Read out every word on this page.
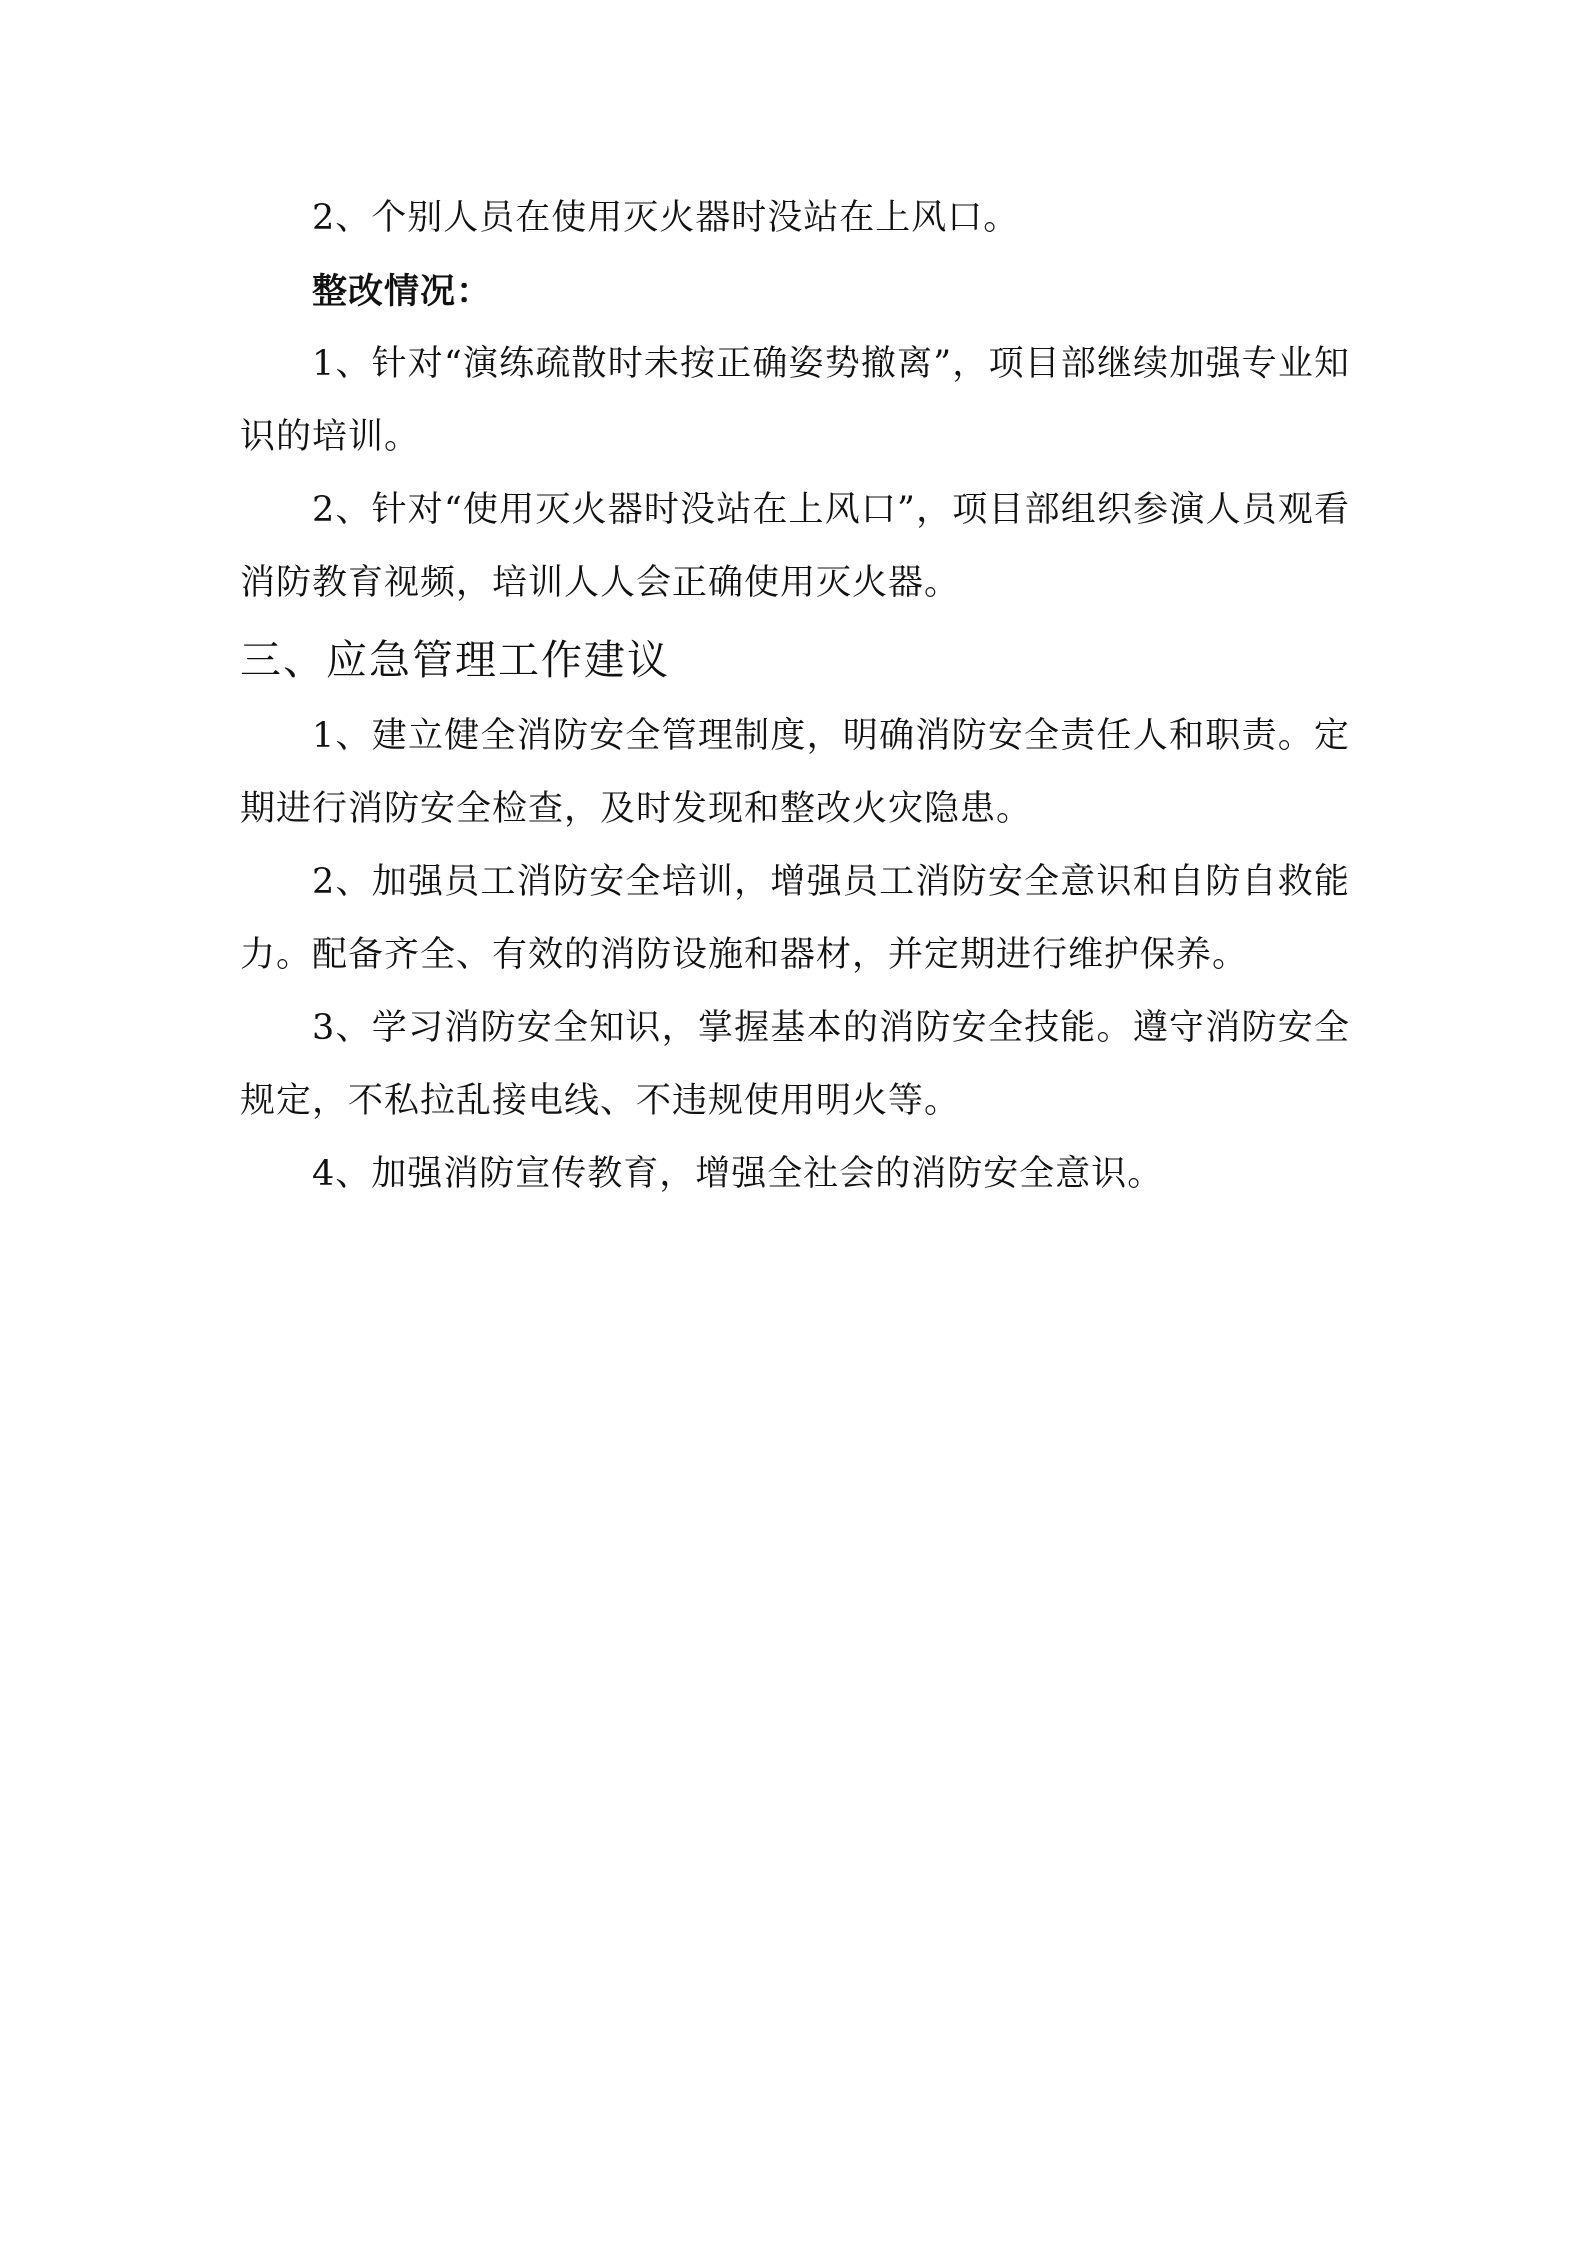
2、个别人员在使用灭火器时没站在上风口。

整改情况：

1、针对“演练疏散时未按正确姿势撤离”，项目部继续加强专业知识的培训。

2、针对“使用灭火器时没站在上风口”，项目部组织参演人员观看消防教育视频，培训人人会正确使用灭火器。

三、应急管理工作建议

1、建立健全消防安全管理制度，明确消防安全责任人和职责。定期进行消防安全检查，及时发现和整改火灾隐患。

2、加强员工消防安全培训，增强员工消防安全意识和自防自救能力。配备齐全、有效的消防设施和器材，并定期进行维护保养。

3、学习消防安全知识，掌握基本的消防安全技能。遵守消防安全规定，不私拉乱接电线、不违规使用明火等。

4、加强消防宣传教育，增强全社会的消防安全意识。
